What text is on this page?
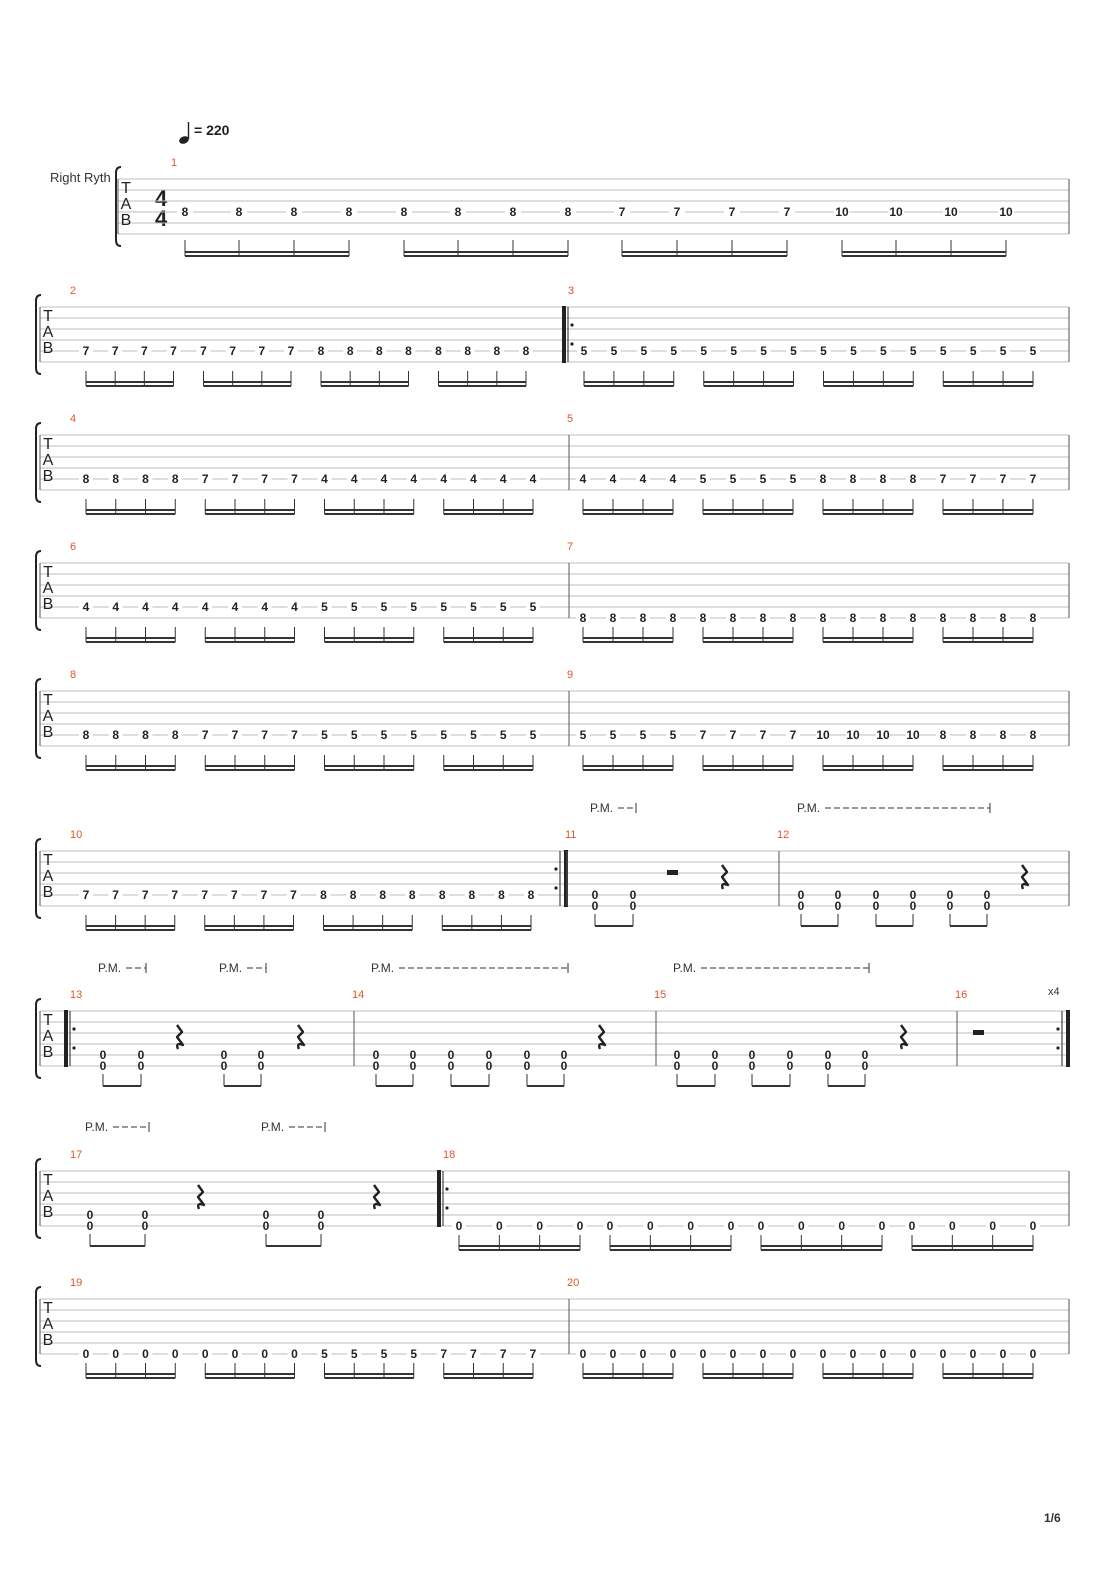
= 220
Right Ryth
4
4
x4
1/6
T
A
B
1
8	8	8	8	8	8	8	8	7	7	7	7	10	10	10	10
T
A
B
2
7 7 7 7 7 7 7 7 8 8 8 8 8 8 8 8
3
5 5 5 5 5 5 5 5 5 5 5 5 5 5 5 5
T
A
B
4
8 8 8 8 7 7 7 7 4 4 4 4 4 4 4 4
5
4 4 4 4 5 5 5 5 8 8 8 8 7 7 7 7
T
A
B
6
4 4 4 4 4 4 4 4 5 5 5 5 5 5 5 5
7
8 8 8 8 8 8 8 8 8 8 8 8 8 8 8 8
T
A
B
8
8 8 8 8 7 7 7 7 5 5 5 5 5 5 5 5
9
5 5 5 5 7 7 7 7 10 10 10 10 8 8 8 8
T
A
B
10
7 7 7 7 7 7 7 7 8 8 8 8 8 8 8 8
11	12
T
A
B
13	14	15	16
T
A
B
17	18
0	0	0	0 0	0	0	0 0	0	0	0 0	0	0	0
T
A
B
19
0 0 0 0 0 0 0 0 5 5 5 5 7 7 7 7
20
0 0 0 0 0 0 0 0 0 0 0 0 0 0 0 0
0
0
0
0
0
0
0
0
0
0
0
0
0
0
0
0
P.M.	P.M.
0
0
0
0
0
0
0
0
0
0
0
0
0
0
0
0
0
0
0
0
0
0
0
0
0
0
0
0
0
0
0
0
P.M.	P.M.	P.M.	P.M.
0
0
0
0
0
0
0
0
P.M.	P.M.
